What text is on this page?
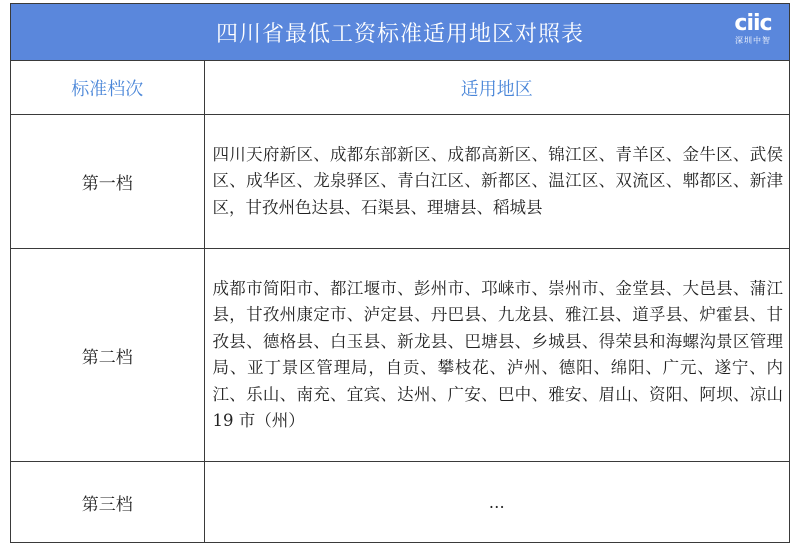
四川省最低工资标准适用地区对照表	ciic
深圳中智
标准档次	适用地区
第一档	四川天府新区、成都东部新区、成都高新区、锦江区、青羊区、金牛区、武侯区、成华区、龙泉驿区、青白江区、新都区、温江区、双流区、郫都区、新津区，甘孜州色达县、石渠县、理塘县、稻城县
第二档	成都市简阳市、都江堰市、彭州市、邛崃市、崇州市、金堂县、大邑县、蒲江县，甘孜州康定市、泸定县、丹巴县、九龙县、雅江县、道孚县、炉霍县、甘孜县、德格县、白玉县、新龙县、巴塘县、乡城县、得荣县和海螺沟景区管理局、亚丁景区管理局，自贡、攀枝花、泸州、德阳、绵阳、广元、遂宁、内江、乐山、南充、宜宾、达州、广安、巴中、雅安、眉山、资阳、阿坝、凉山 19 市（州）
第三档	…
